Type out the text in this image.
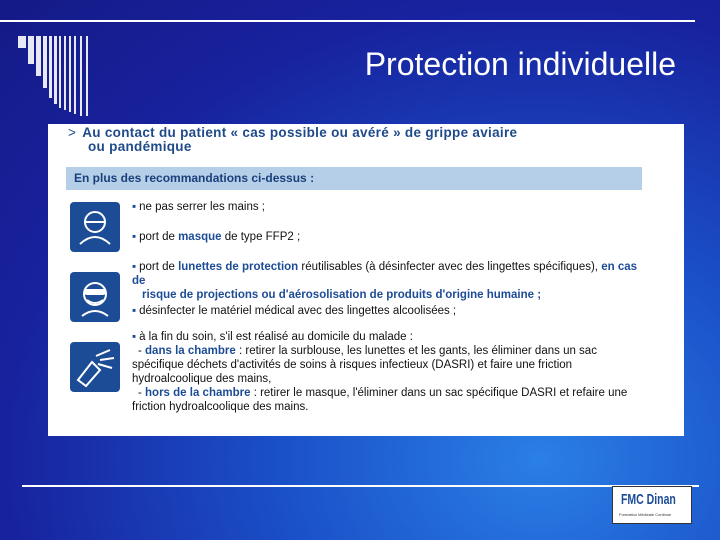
Protection individuelle
> Au contact du patient « cas possible ou avéré » de grippe aviaire
ou pandémique
En plus des recommandations ci-dessus :
▪ ne pas serrer les mains ;
▪ port de masque de type FFP2 ;
▪ port de lunettes de protection réutilisables (à désinfecter avec des lingettes spécifiques), en cas de
risque de projections ou d'aérosolisation de produits d'origine humaine ;
▪ désinfecter le matériel médical avec des lingettes alcoolisées ;
▪ à la fin du soin, s'il est réalisé au domicile du malade :
- dans la chambre : retirer la surblouse, les lunettes et les gants, les éliminer dans un sac spécifique déchets d'activités de soins à risques infectieux (DASRI) et faire une friction hydroalcoolique des mains,
- hors de la chambre : retirer le masque, l'éliminer dans un sac spécifique DASRI et refaire une friction hydroalcoolique des mains.
FMC Dinan
Formation Médicale Continue
